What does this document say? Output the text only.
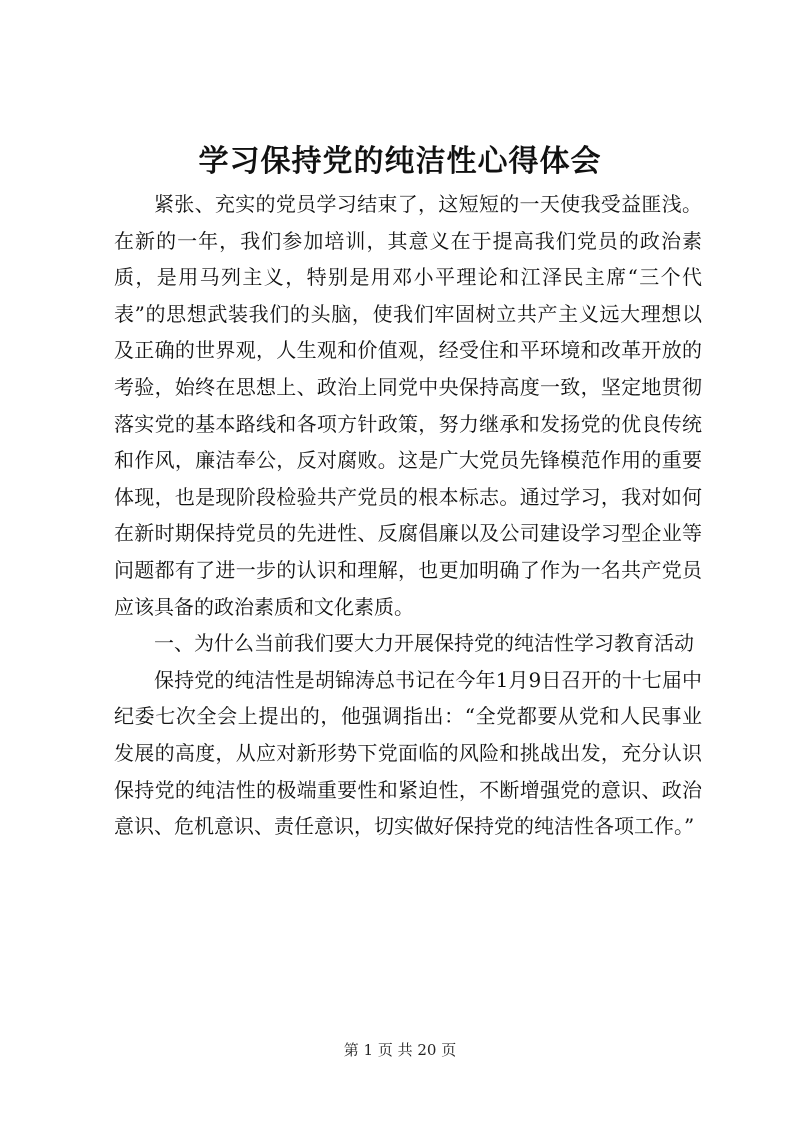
学习保持党的纯洁性心得体会

紧张、充实的党员学习结束了，这短短的一天使我受益匪浅。在新的一年，我们参加培训，其意义在于提高我们党员的政治素质，是用马列主义，特别是用邓小平理论和江泽民主席“三个代表”的思想武装我们的头脑，使我们牢固树立共产主义远大理想以及正确的世界观，人生观和价值观，经受住和平环境和改革开放的考验，始终在思想上、政治上同党中央保持高度一致，坚定地贯彻落实党的基本路线和各项方针政策，努力继承和发扬党的优良传统和作风，廉洁奉公，反对腐败。这是广大党员先锋模范作用的重要体现，也是现阶段检验共产党员的根本标志。通过学习，我对如何在新时期保持党员的先进性、反腐倡廉以及公司建设学习型企业等问题都有了进一步的认识和理解，也更加明确了作为一名共产党员应该具备的政治素质和文化素质。

一、为什么当前我们要大力开展保持党的纯洁性学习教育活动

保持党的纯洁性是胡锦涛总书记在今年1月9日召开的十七届中纪委七次全会上提出的，他强调指出：“全党都要从党和人民事业发展的高度，从应对新形势下党面临的风险和挑战出发，充分认识保持党的纯洁性的极端重要性和紧迫性，不断增强党的意识、政治意识、危机意识、责任意识，切实做好保持党的纯洁性各项工作。”

第 1 页 共 20 页
